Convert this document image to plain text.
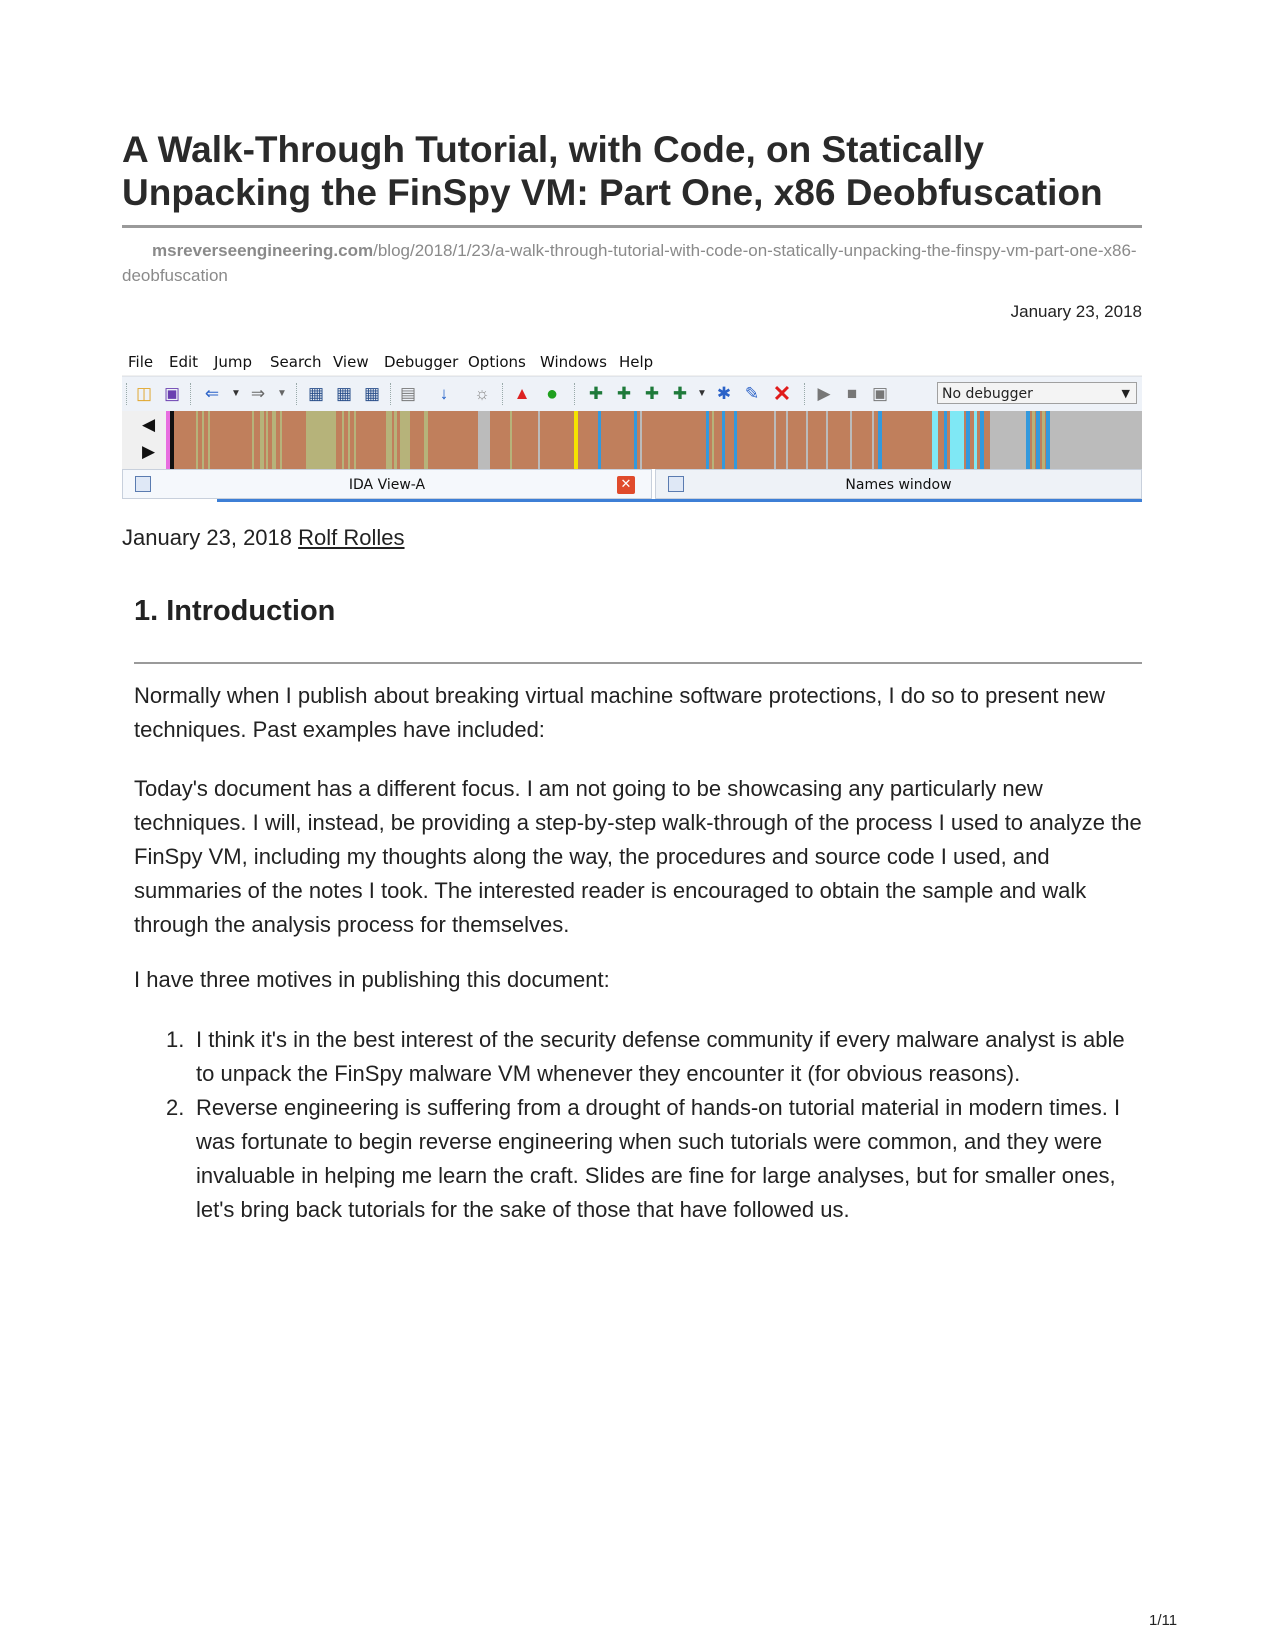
A Walk-Through Tutorial, with Code, on Statically Unpacking the FinSpy VM: Part One, x86 Deobfuscation
msreverseengineering.com/blog/2018/1/23/a-walk-through-tutorial-with-code-on-statically-unpacking-the-finspy-vm-part-one-x86-deobfuscation
January 23, 2018
File Edit Jump Search View Debugger Options Windows Help
◫ ▣ ⇐	▼ ⇒	▼ ▦ ▦ ▦ ▤	↓	☼ ▲ ● ✚ ✚ ✚ ✚ ▼ ✱ ✎ ✕ ▶ ■ ▣	No debugger	▼
◀
▶
IDA View-A	✕	Names window
January 23, 2018 Rolf Rolles
1. Introduction

Normally when I publish about breaking virtual machine software protections, I do so to present new techniques. Past examples have included:

Today's document has a different focus. I am not going to be showcasing any particularly new techniques. I will, instead, be providing a step-by-step walk-through of the process I used to analyze the FinSpy VM, including my thoughts along the way, the procedures and source code I used, and summaries of the notes I took. The interested reader is encouraged to obtain the sample and walk through the analysis process for themselves.

I have three motives in publishing this document:

1. I think it's in the best interest of the security defense community if every malware analyst is able to unpack the FinSpy malware VM whenever they encounter it (for obvious reasons).
2. Reverse engineering is suffering from a drought of hands-on tutorial material in modern times. I was fortunate to begin reverse engineering when such tutorials were common, and they were invaluable in helping me learn the craft. Slides are fine for large analyses, but for smaller ones, let's bring back tutorials for the sake of those that have followed us.
1/11
